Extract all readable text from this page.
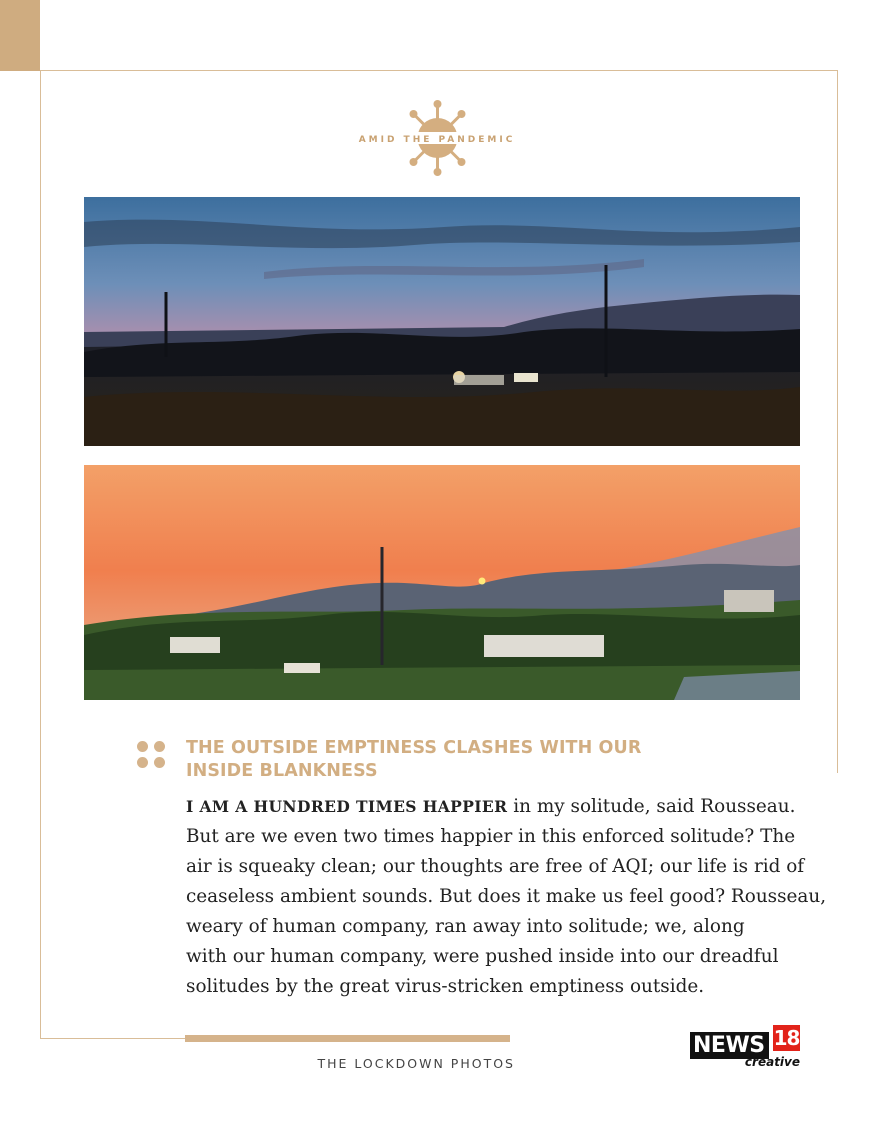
AMID THE PANDEMIC
THE OUTSIDE EMPTINESS CLASHES WITH OUR
INSIDE BLANKNESS
I AM A HUNDRED TIMES HAPPIER in my solitude, said Rousseau.
But are we even two times happier in this enforced solitude? The
air is squeaky clean; our thoughts are free of AQI; our life is rid of
ceaseless ambient sounds. But does it make us feel good? Rousseau,
weary of human company, ran away into solitude; we, along
with our human company, were pushed inside into our dreadful
solitudes by the great virus-stricken emptiness outside.
THE LOCKDOWN PHOTOS
NEWS 18
creative
